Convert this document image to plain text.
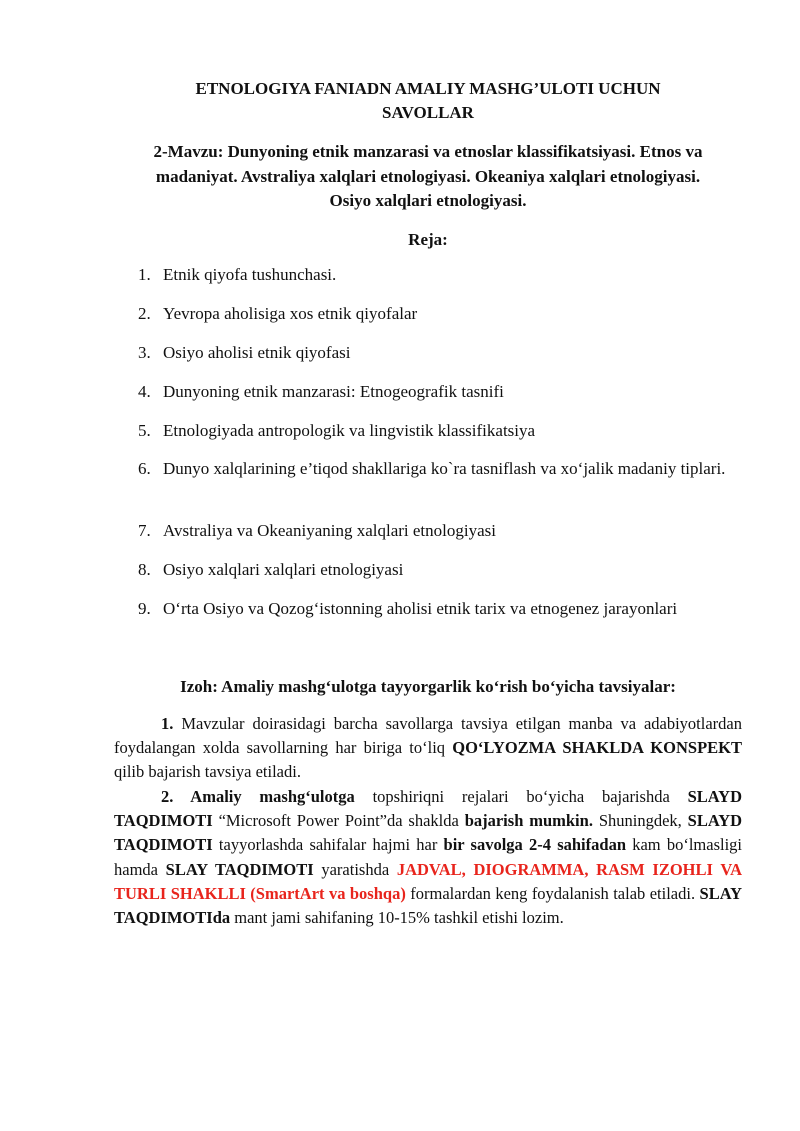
ETNOLOGIYA FANIADN AMALIY MASHG’ULOTI UCHUN
SAVOLLAR
2-Mavzu: Dunyoning etnik manzarasi va etnoslar klassifikatsiyasi. Etnos va
madaniyat. Avstraliya xalqlari etnologiyasi. Okeaniya xalqlari etnologiyasi.
Osiyo xalqlari etnologiyasi.
Reja:
1. Etnik qiyofa tushunchasi.
2. Yevropa aholisiga xos etnik qiyofalar
3. Osiyo aholisi etnik qiyofasi
4. Dunyoning etnik manzarasi: Etnogeografik tasnifi
5. Etnologiyada antropologik va lingvistik klassifikatsiya
6. Dunyo xalqlarining e’tiqod shakllariga ko`ra tasniflash va xo‘jalik madaniy tiplari.
7. Avstraliya va Okeaniyaning xalqlari etnologiyasi
8. Osiyo xalqlari xalqlari etnologiyasi
9. O‘rta Osiyo va Qozog‘istonning aholisi etnik tarix va etnogenez jarayonlari
Izoh: Amaliy mashg‘ulotga tayyorgarlik ko‘rish bo‘yicha tavsiyalar:

1. Mavzular doirasidagi barcha savollarga tavsiya etilgan manba va adabiyotlardan foydalangan xolda savollarning har biriga to‘liq QO‘LYOZMA SHAKLDA KONSPEKT qilib bajarish tavsiya etiladi.

2. Amaliy mashg‘ulotga topshiriqni rejalari bo‘yicha bajarishda SLAYD TAQDIMOTI “Microsoft Power Point”da shaklda bajarish mumkin. Shuningdek, SLAYD TAQDIMOTI tayyorlashda sahifalar hajmi har bir savolga 2-4 sahifadan kam bo‘lmasligi hamda SLAY TAQDIMOTI yaratishda JADVAL, DIOGRAMMA, RASM IZOHLI VA TURLI SHAKLLI (SmartArt va boshqa) formalardan keng foydalanish talab etiladi. SLAY TAQDIMOTIda mant jami sahifaning 10-15% tashkil etishi lozim.
